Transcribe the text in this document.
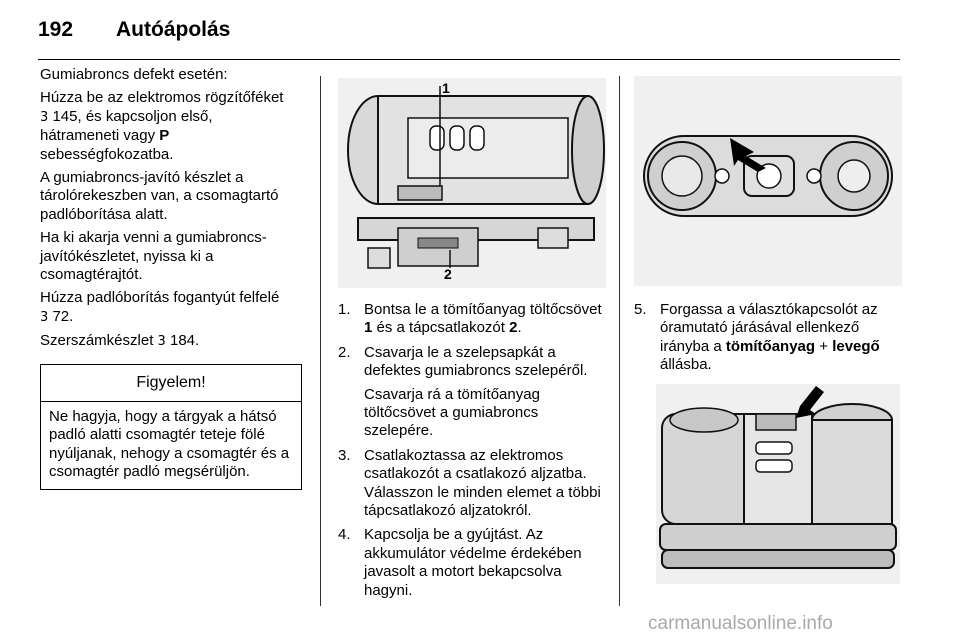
192 Autóápolás

Gumiabroncs defekt esetén:

Húzza be az elektromos rögzítőféket
3 145, és kapcsoljon első,
hátrameneti vagy P
sebességfokozatba.

A gumiabroncs-javító készlet a tárolórekeszben van, a csomagtartó padlóborítása alatt.

Ha ki akarja venni a gumiabroncs-javítókészletet, nyissa ki a csomagtérajtót.

Húzza padlóborítás fogantyút felfelé
3 72.

Szerszámkészlet 3 184.

Figyelem!
Ne hagyja, hogy a tárgyak a hátsó padló alatti csomagtér teteje fölé nyúljanak, nehogy a csomagtér és a csomagtér padló megsérüljön.
1
2
1. Bontsa le a tömítőanyag töltőcsövet 1 és a tápcsatlakozót 2.
2. Csavarja le a szelepsapkát a defektes gumiabroncs szelepéről.

Csavarja rá a tömítőanyag töltőcsövet a gumiabroncs szelepére.

3. Csatlakoztassa az elektromos csatlakozót a csatlakozó aljzatba. Válasszon le minden elemet a többi tápcsatlakozó aljzatokról.
4. Kapcsolja be a gyújtást. Az akkumulátor védelme érdekében javasolt a motort bekapcsolva hagyni.
5. Forgassa a választókapcsolót az óramutató járásával ellenkező irányba a tömítőanyag + levegő állásba.
carmanualsonline.info
